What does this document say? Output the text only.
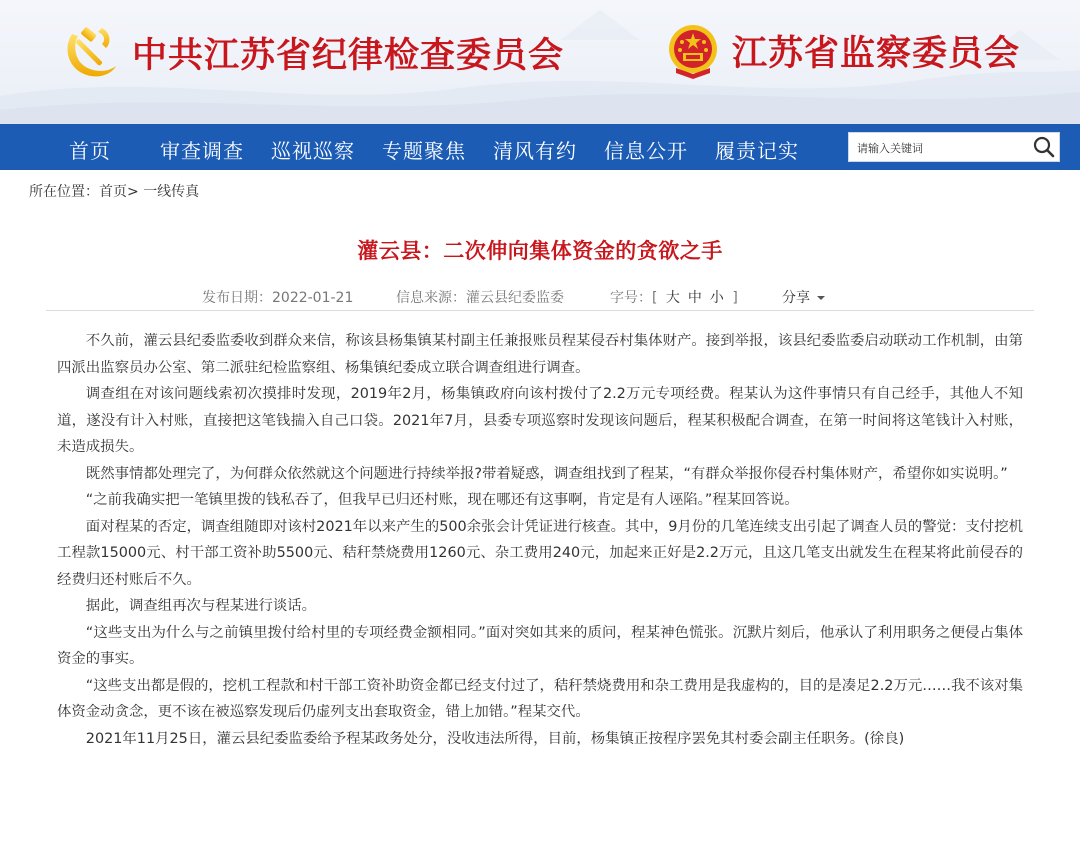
中共江苏省纪律检查委员会	江苏省监察委员会
首页 审查调查 巡视巡察 专题聚焦 清风有约 信息公开 履责记实
请输入关键词
所在位置：首页> 一线传真
灌云县：二次伸向集体资金的贪欲之手
发布日期：2022-01-21	信息来源：灌云县纪委监委	字号：[ 大 中 小 ]	分享

不久前，灌云县纪委监委收到群众来信，称该县杨集镇某村副主任兼报账员程某侵吞村集体财产。接到举报，该县纪委监委启动联动工作机制，由第四派出监察员办公室、第二派驻纪检监察组、杨集镇纪委成立联合调查组进行调查。

调查组在对该问题线索初次摸排时发现，2019年2月，杨集镇政府向该村拨付了2.2万元专项经费。程某认为这件事情只有自己经手，其他人不知道，遂没有计入村账，直接把这笔钱揣入自己口袋。2021年7月，县委专项巡察时发现该问题后，程某积极配合调查，在第一时间将这笔钱计入村账，未造成损失。

既然事情都处理完了，为何群众依然就这个问题进行持续举报?带着疑惑，调查组找到了程某，“有群众举报你侵吞村集体财产，希望你如实说明。”

“之前我确实把一笔镇里拨的钱私吞了，但我早已归还村账，现在哪还有这事啊，肯定是有人诬陷。”程某回答说。

面对程某的否定，调查组随即对该村2021年以来产生的500余张会计凭证进行核查。其中，9月份的几笔连续支出引起了调查人员的警觉：支付挖机工程款15000元、村干部工资补助5500元、秸秆禁烧费用1260元、杂工费用240元，加起来正好是2.2万元，且这几笔支出就发生在程某将此前侵吞的经费归还村账后不久。

据此，调查组再次与程某进行谈话。

“这些支出为什么与之前镇里拨付给村里的专项经费金额相同。”面对突如其来的质问，程某神色慌张。沉默片刻后，他承认了利用职务之便侵占集体资金的事实。

“这些支出都是假的，挖机工程款和村干部工资补助资金都已经支付过了，秸秆禁烧费用和杂工费用是我虚构的，目的是凑足2.2万元……我不该对集体资金动贪念，更不该在被巡察发现后仍虚列支出套取资金，错上加错。”程某交代。

2021年11月25日，灌云县纪委监委给予程某政务处分，没收违法所得，目前，杨集镇正按程序罢免其村委会副主任职务。(徐良)
